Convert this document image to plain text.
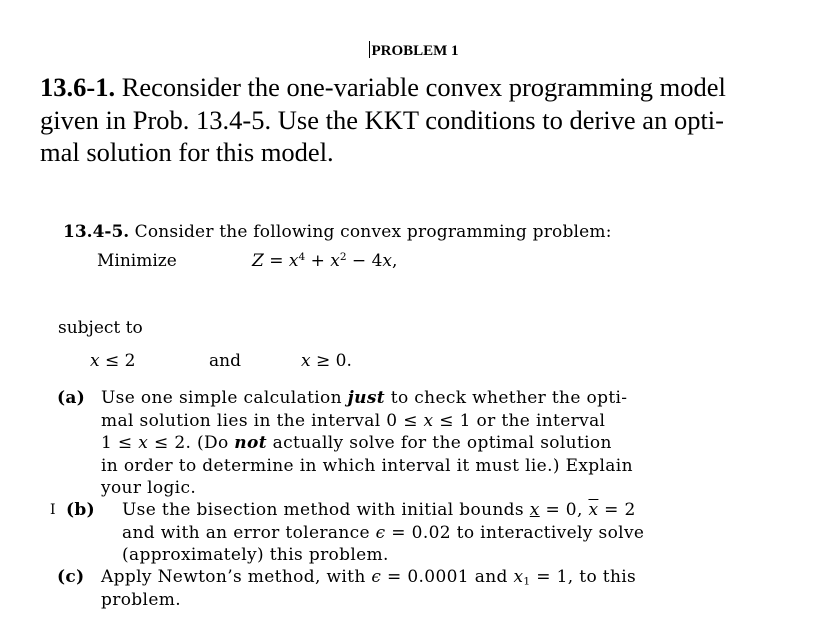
PROBLEM 1
13.6-1. Reconsider the one-variable convex programming model
given in Prob. 13.4-5. Use the KKT conditions to derive an opti-
mal solution for this model.
13.4-5. Consider the following convex programming problem:
Minimize	$Z = x^4 + x^2 - 4x$,
subject to
x ≤ 2	and	x ≥ 0.
(a) Use one simple calculation just to check whether the opti-
mal solution lies in the interval 0 ≤ x ≤ 1 or the interval
1 ≤ x ≤ 2. (Do not actually solve for the optimal solution
in order to determine in which interval it must lie.) Explain
your logic.
I (b) Use the bisection method with initial bounds x = 0, $\overline{x} = 2$
and with an error tolerance ϵ = 0.02 to interactively solve
(approximately) this problem.
(c) Apply Newton’s method, with ϵ = 0.0001 and $x_1 = 1$, to this
problem.
